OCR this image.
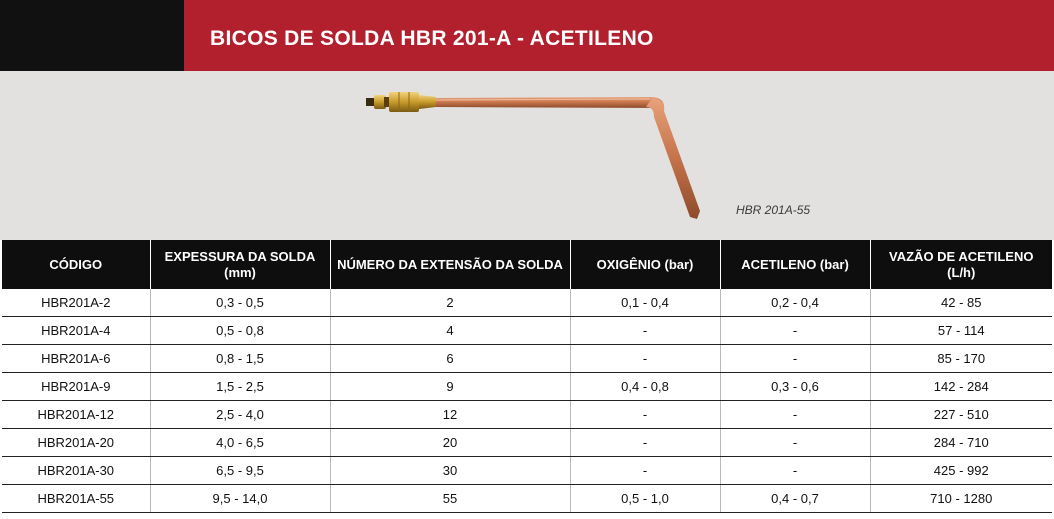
BICOS DE SOLDA HBR 201-A - ACETILENO
HBR 201A-55
CÓDIGO	EXPESSURA DA SOLDA (mm)	NÚMERO DA EXTENSÃO DA SOLDA	OXIGÊNIO (bar)	ACETILENO (bar)	VAZÃO DE ACETILENO (L/h)
HBR201A-2	0,3 - 0,5	2	0,1 - 0,4	0,2 - 0,4	42 - 85
HBR201A-4	0,5 - 0,8	4	-	-	57 - 114
HBR201A-6	0,8 - 1,5	6	-	-	85 - 170
HBR201A-9	1,5 - 2,5	9	0,4 - 0,8	0,3 - 0,6	142 - 284
HBR201A-12	2,5 - 4,0	12	-	-	227 - 510
HBR201A-20	4,0 - 6,5	20	-	-	284 - 710
HBR201A-30	6,5 - 9,5	30	-	-	425 - 992
HBR201A-55	9,5 - 14,0	55	0,5 - 1,0	0,4 - 0,7	710 - 1280
